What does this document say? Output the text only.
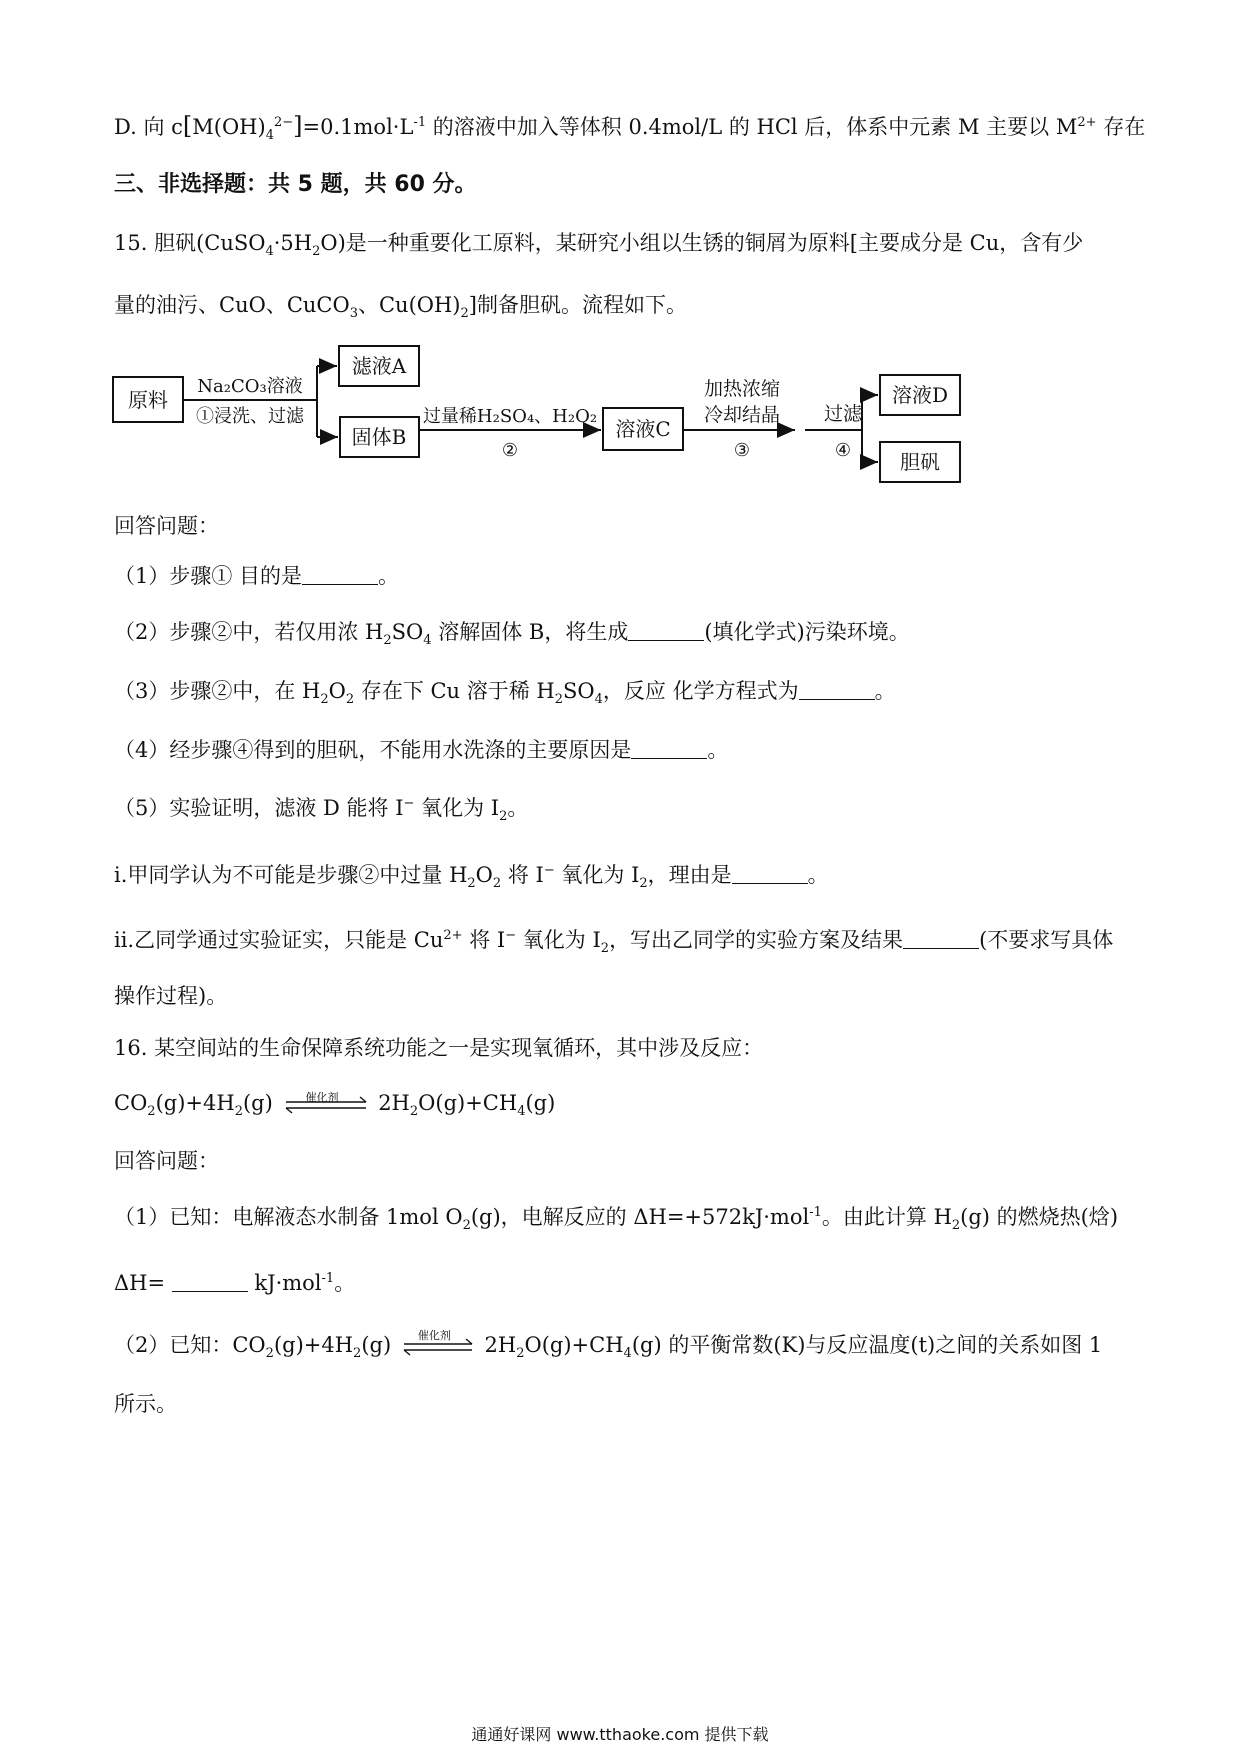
D. 向 $c[M(OH)_4^{2-}]=0.1mol\cdot L^{-1}$ 的溶液中加入等体积 0.4mol/L 的 HCl 后，体系中元素 M 主要以 $M^{2+}$ 存在
三、非选择题：共 5 题，共 60 分。
15. 胆矾$(CuSO_4\cdot 5H_2O)$是一种重要化工原料，某研究小组以生锈的铜屑为原料[主要成分是 Cu，含有少
量的油污、CuO、CuCO$_3$、$Cu(OH)_2$]制备胆矾。流程如下。
原料
Na₂CO₃溶液
①浸洗、过滤
滤液A
固体B
过量稀H₂SO₄、H₂O₂
②
溶液C
加热浓缩
冷却结晶
③
过滤
④
溶液D
胆矾
回答问题：
（1）步骤① 目的是	。
（2）步骤②中，若仅用浓 $H_2SO_4$ 溶解固体 B，将生成	(填化学式)污染环境。
（3）步骤②中，在 $H_2O_2$ 存在下 Cu 溶于稀 $H_2SO_4$，反应 化学方程式为	。
（4）经步骤④得到的胆矾，不能用水洗涤的主要原因是	。
（5）实验证明，滤液 D 能将 I− 氧化为 $I_2$。
i.甲同学认为不可能是步骤②中过量 $H_2O_2$ 将 I− 氧化为 $I_2$，理由是	。
ii.乙同学通过实验证实，只能是 $Cu^{2+}$ 将 I− 氧化为 $I_2$，写出乙同学的实验方案及结果	(不要求写具体
操作过程)。
16. 某空间站的生命保障系统功能之一是实现氧循环，其中涉及反应：
$CO_2(g)+4H_2(g)$	催化剂 $2H_2O(g)+CH_4(g)$
回答问题：
（1）已知：电解液态水制备 1mol $O_2(g)$，电解反应的 ΔH=+572kJ·mol$^{-1}$。由此计算 $H_2(g)$ 的燃烧热(焓)
ΔH=	kJ·mol$^{-1}$。
（2）已知：$CO_2(g)+4H_2(g)$ 催化剂 $2H_2O(g)+CH_4(g)$ 的平衡常数(K)与反应温度(t)之间的关系如图 1
所示。
通通好课网 www.tthaoke.com 提供下载
